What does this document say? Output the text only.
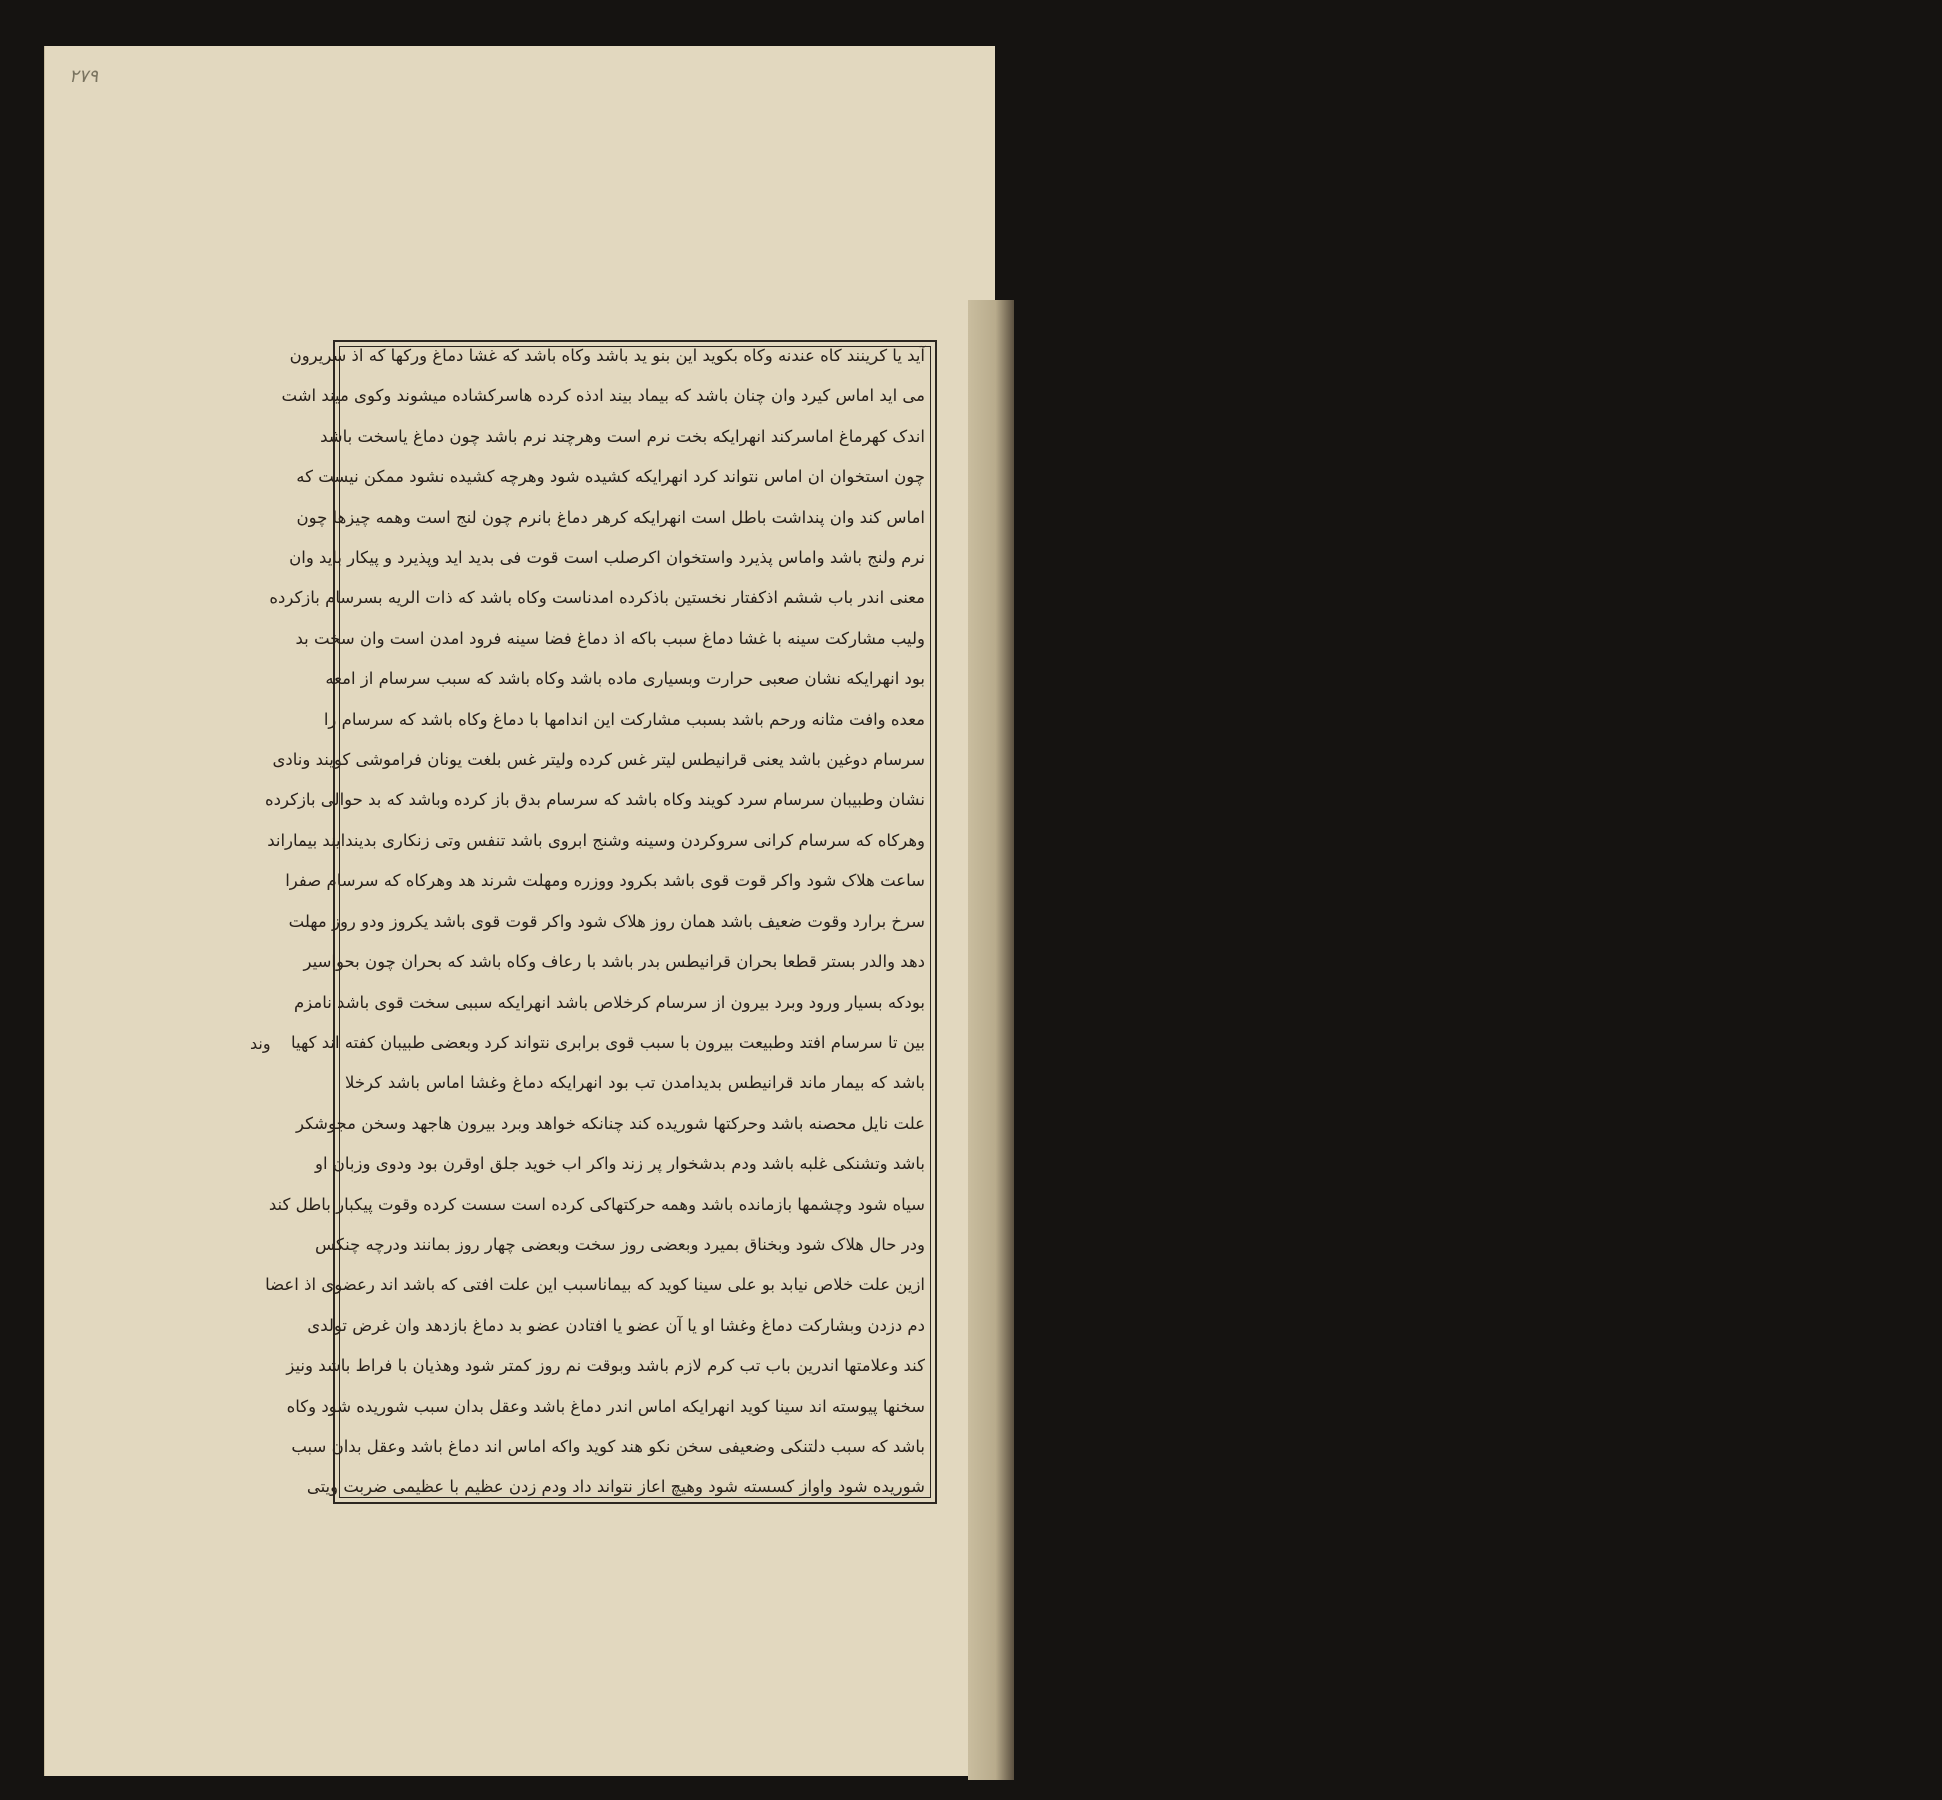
۲۷۹
آید یا کرینند کاه عندنه وکاه بکوید این بنو ید باشد وکاه باشد که غشا دماغ ورکها که اذ سریرون
می اید اماس کیرد وان چنان باشد که بیماد بیند ادذه کرده هاسرکشاده میشوند وکوی میند اشت
اندک کهرماغ اماسرکند انهرایکه بخت نرم است وهرچند نرم باشد چون دماغ یاسخت باشد
چون استخوان ان اماس نتواند کرد انهرایکه کشیده شود وهرچه کشیده نشود ممکن نیست که
اماس کند وان پنداشت باطل است انهرایکه کرهر دماغ بانرم چون لنج است وهمه چیزها چون
نرم ولنج باشد واماس پذیرد واستخوان اکرصلب است قوت فی بدید اید وپذیرد و پیکار باید وان
معنی اندر باب ششم اذکفتار نخستین باذکرده امدناست وکاه باشد که ذات الریه بسرسام بازکرده
ولیب مشارکت سینه با غشا دماغ سبب باکه اذ دماغ فضا سینه فرود امدن است وان سخت بد
بود انهرایکه نشان صعبی حرارت وبسیاری ماده باشد وکاه باشد که سبب سرسام از امعه
معده وافت مثانه ورحم باشد بسبب مشارکت این اندامها با دماغ وکاه باشد که سرسام را
سرسام دوغین باشد یعنی قرانیطس لیتر غس کرده ولیتر غس بلغت یونان فراموشی کویند ونادی
نشان وطبیبان سرسام سرد کویند وکاه باشد که سرسام بدق باز کرده وباشد که بد حوالی بازکرده
وهرکاه که سرسام کرانی سروکردن وسینه وشنج ابروی باشد تنفس وتی زنکاری بدیندایند بیماراند
ساعت هلاک شود واکر قوت قوی باشد بکرود ووزره ومهلت شرند هد وهرکاه که سرسام صفرا
سرخ برارد وقوت ضعیف باشد همان روز هلاک شود واکر قوت قوی باشد یکروز ودو روز مهلت
دهد والدر بستر قطعا بحران قرانیطس بدر باشد با رعاف وکاه باشد که بحران چون بحواسیر
بودکه بسیار ورود وبرد بیرون از سرسام کرخلاص باشد انهرایکه سببی سخت قوی باشد نامزم
بین تا سرسام افتد وطبیعت بیرون با سبب قوی برابری نتواند کرد وبعضی طبیبان کفته اند کهیا
باشد که بیمار ماند قرانیطس بدیدامدن تب بود انهرایکه دماغ وغشا اماس باشد کرخلا
علت نایل محصنه باشد وحرکتها شوریده کند چنانکه خواهد وبرد بیرون هاجهد وسخن مجوشکر
باشد وتشنکی غلبه باشد ودم بدشخوار پر زند واکر اب خوید جلق اوقرن بود ودوی وزبان او
سیاه شود وچشمها بازمانده باشد وهمه حرکتهاکی کرده است سست کرده وقوت پیکبار باطل کند
ودر حال هلاک شود وبخناق بمیرد وبعضی روز سخت وبعضی چهار روز بمانند ودرچه چنکس
ازین علت خلاص نیابد بو علی سینا کوید که بیماناسبب این علت افتی که باشد اند رعضوی اذ اعضا
دم دزدن وبشارکت دماغ وغشا او یا آن عضو یا افتادن عضو بد دماغ بازدهد وان غرض تولدی
کند وعلامتها اندرین باب تب کرم لازم باشد وبوقت نم روز کمتر شود وهذیان با فراط باشد ونیز
سخنها پیوسته اند سینا کوید انهرایکه اماس اندر دماغ باشد وعقل بدان سبب شوریده شود وکاه
باشد که سبب دلتنکی وضعیفی سخن نکو هند کوید واکه اماس اند دماغ باشد وعقل بدان سبب
شوریده شود واواز کسسته شود وهیچ اعاز نتواند داد ودم زدن عظیم با عظیمی ضربت ویتی
وند
